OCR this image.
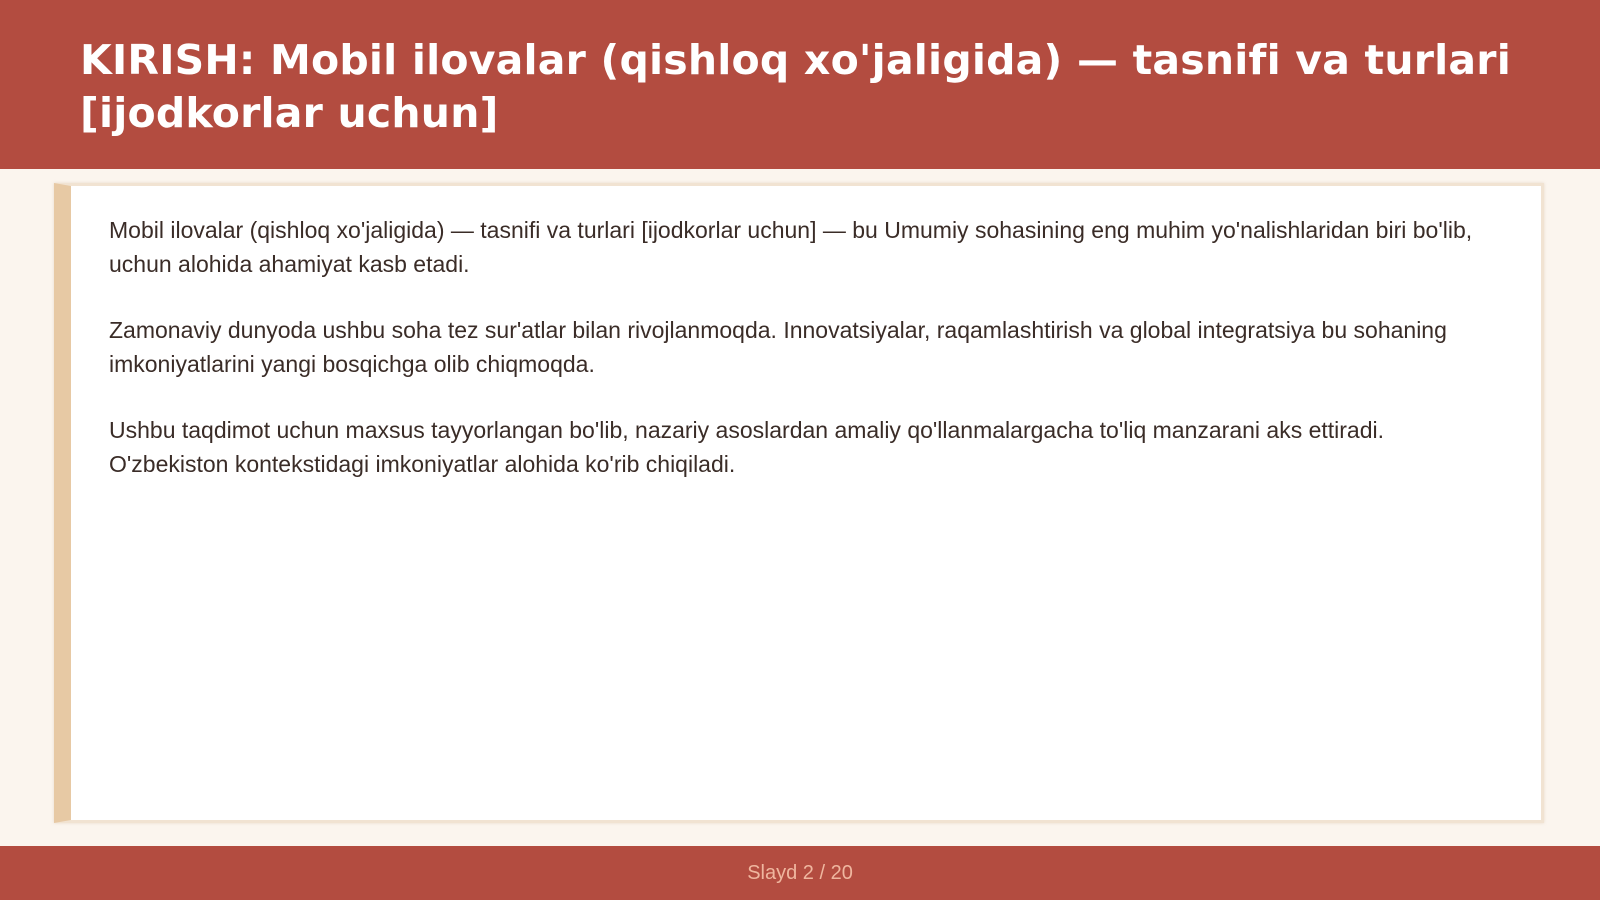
KIRISH: Mobil ilovalar (qishloq xo'jaligida) — tasnifi va turlari [ijodkorlar uchun]

Mobil ilovalar (qishloq xo'jaligida) — tasnifi va turlari [ijodkorlar uchun] — bu Umumiy sohasining eng muhim yo'nalishlaridan biri bo'lib, uchun alohida ahamiyat kasb etadi.

Zamonaviy dunyoda ushbu soha tez sur'atlar bilan rivojlanmoqda. Innovatsiyalar, raqamlashtirish va global integratsiya bu sohaning imkoniyatlarini yangi bosqichga olib chiqmoqda.

Ushbu taqdimot uchun maxsus tayyorlangan bo'lib, nazariy asoslardan amaliy qo'llanmalargacha to'liq manzarani aks ettiradi. O'zbekiston kontekstidagi imkoniyatlar alohida ko'rib chiqiladi.

Slayd 2 / 20
